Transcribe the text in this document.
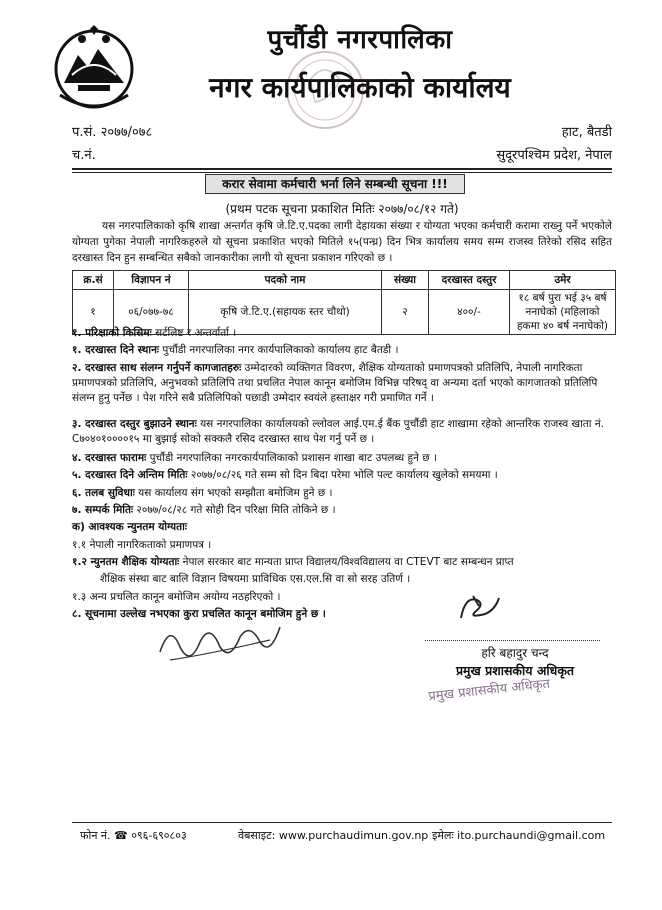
पुर्चौडी नगरपालिका
नगर कार्यपालिकाको कार्यालय
प.सं. २०७७/०७८
च.नं.
हाट, बैतडी
सुदूरपश्चिम प्रदेश, नेपाल
करार सेवामा कर्मचारी भर्ना लिने सम्बन्धी सूचना !!!
(प्रथम पटक सूचना प्रकाशित मितिः २०७७/०८/१२ गते)
यस नगरपालिकाको कृषि शाखा अन्तर्गत कृषि जे.टि.ए.पदका लागी देहायका संख्या र योग्यता भएका कर्मचारी करामा राख्नु पर्ने भएकोले योग्यता पुगेका नेपाली नागरिकहरुले यो सूचना प्रकाशित भएको मितिले १५(पन्ध्र) दिन भित्र कार्यालय समय सम्म राजस्व तिरेको रसिद सहित दरखास्त दिन हुन सम्बन्धित सबैको जानकारीका लागी यो सूचना प्रकाशन गरिएको छ ।
क्र.सं	विज्ञापन नं	पदको नाम	संख्या	दरखास्त दस्तुर	उमेर
१	०६/०७७-७८	कृषि जे.टि.ए.(सहायक स्तर चौथो)	२	४००/-	१८ बर्ष पुरा भई ३५ बर्ष ननाघेको (महिलाको हकमा ४० बर्ष ननाघेको)
१. परिक्षाको किसिमः सर्टलिष्ट र अन्तर्वार्ता ।
१. दरखास्त दिने स्थानः पुर्चौडी नगरपालिका नगर कार्यपालिकाको कार्यालय हाट बैतडी ।
२. दरखास्त साथ संलग्न गर्नुपर्ने कागजातहरुः उम्मेदारको व्यक्तिगत विवरण, शैक्षिक योग्यताको प्रमाणपत्रको प्रतिलिपि, नेपाली नागरिकता प्रमाणपत्रको प्रतिलिपि, अनुभवको प्रतिलिपि तथा प्रचलित नेपाल कानून बमोजिम विभिन्न परिषद् वा अन्यमा दर्ता भएको कागजातको प्रतिलिपि संलग्न हुनु पर्नेछ । पेश गरिने सबै प्रतिलिपिको पछाडी उम्मेदार स्वयंले हस्ताक्षर गरी प्रमाणित गर्ने ।
३. दरखास्त दस्तुर बुझाउने स्थानः यस नगरपालिका कार्यालयको ल्लोवल आई.एम.ई बैंक पुर्चौडी हाट शाखामा रहेको आन्तरिक राजस्व खाता नं. C७०४०१००००१५ मा बुझाई सोको सक्कलै रसिद दरखास्त साथ पेश गर्नु पर्ने छ ।
४. दरखास्त फारामः पुर्चौडी नगरपालिका नगरकार्यपालिकाको प्रशासन शाखा बाट उपलब्ध हुने छ ।
५. दरखास्त दिने अन्तिम मितिः २०७७/०८/२६ गते सम्म सो दिन बिदा परेमा भोलि पल्ट कार्यालय खुलेको समयमा ।
६. तलब सुविधाः यस कार्यालय संग भएको सम्झौता बमोजिम हुने छ ।
७. सम्पर्क मितिः २०७७/०८/२८ गते सोही दिन परिक्षा मिति तोकिने छ ।
क) आवश्यक न्युनतम योग्यताः
१.१ नेपाली नागरिकताको प्रमाणपत्र ।
१.२ न्युनतम शैक्षिक योग्यताः नेपाल सरकार बाट मान्यता प्राप्त विद्यालय/विश्वविद्यालय वा CTEVT बाट सम्बन्धन प्राप्त
शैक्षिक संस्था बाट बालि विज्ञान विषयमा प्राविधिक एस.एल.सि वा सो सरह उतिर्ण ।
१.३ अन्य प्रचलित कानून बमोजिम अयोग्य नठहरिएको ।
८. सूचनामा उल्लेख नभएका कुरा प्रचलित कानून बमोजिम हुने छ ।
हरि बहादुर चन्द
प्रमुख प्रशासकीय अधिकृत
प्रमुख प्रशासकीय अधिकृत
फोन नं. ☎ ०९६-६९०८०३	वेबसाइट: www.purchaudimun.gov.np इमेलः ito.purchaundi@gmail.com
